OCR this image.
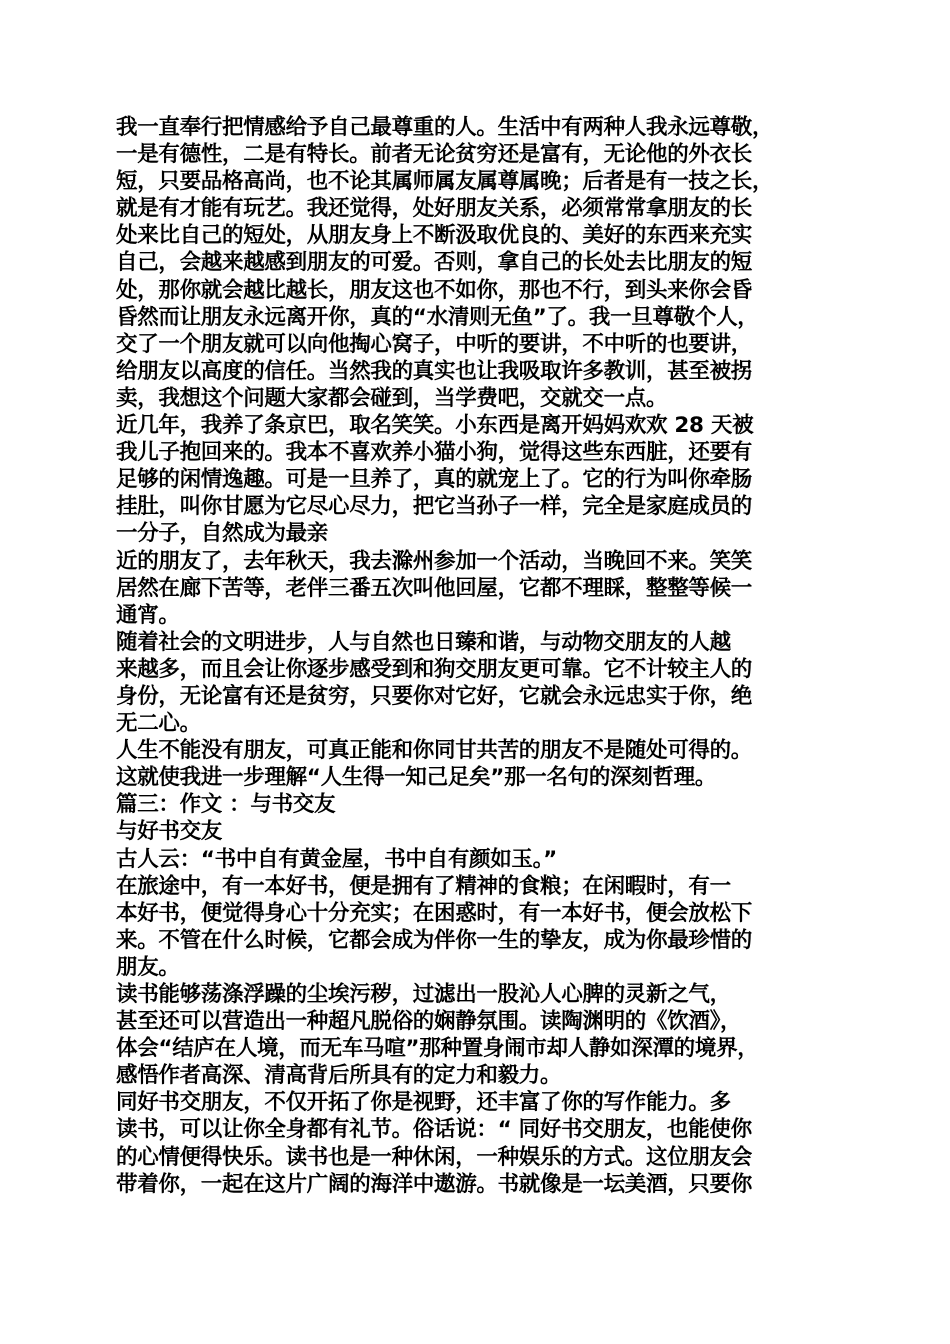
我一直奉行把情感给予自己最尊重的人。生活中有两种人我永远尊敬，
一是有德性，二是有特长。前者无论贫穷还是富有，无论他的外衣长
短，只要品格高尚，也不论其属师属友属尊属晚；后者是有一技之长，
就是有才能有玩艺。我还觉得，处好朋友关系，必须常常拿朋友的长
处来比自己的短处，从朋友身上不断汲取优良的、美好的东西来充实
自己，会越来越感到朋友的可爱。否则，拿自己的长处去比朋友的短
处，那你就会越比越长，朋友这也不如你，那也不行，到头来你会昏
昏然而让朋友永远离开你，真的“水清则无鱼”了。我一旦尊敬个人，
交了一个朋友就可以向他掏心窝子，中听的要讲，不中听的也要讲，
给朋友以高度的信任。当然我的真实也让我吸取许多教训，甚至被拐
卖，我想这个问题大家都会碰到，当学费吧，交就交一点。
近几年，我养了条京巴，取名笑笑。小东西是离开妈妈欢欢 28 天被
我儿子抱回来的。我本不喜欢养小猫小狗，觉得这些东西脏，还要有
足够的闲情逸趣。可是一旦养了，真的就宠上了。它的行为叫你牵肠
挂肚，叫你甘愿为它尽心尽力，把它当孙子一样，完全是家庭成员的
一分子，自然成为最亲
近的朋友了，去年秋天，我去滁州参加一个活动，当晚回不来。笑笑
居然在廊下苦等，老伴三番五次叫他回屋，它都不理睬，整整等候一
通宵。
随着社会的文明进步，人与自然也日臻和谐，与动物交朋友的人越
来越多，而且会让你逐步感受到和狗交朋友更可靠。它不计较主人的
身份，无论富有还是贫穷，只要你对它好，它就会永远忠实于你，绝
无二心。
人生不能没有朋友，可真正能和你同甘共苦的朋友不是随处可得的。
这就使我进一步理解“人生得一知己足矣”那一名句的深刻哲理。
篇三：作文 ：与书交友
与好书交友
古人云：“书中自有黄金屋，书中自有颜如玉。”
在旅途中，有一本好书，便是拥有了精神的食粮；在闲暇时，有一
本好书，便觉得身心十分充实；在困惑时，有一本好书，便会放松下
来。不管在什么时候，它都会成为伴你一生的挚友，成为你最珍惜的
朋友。
读书能够荡涤浮躁的尘埃污秽，过滤出一股沁人心脾的灵新之气，
甚至还可以营造出一种超凡脱俗的娴静氛围。读陶渊明的《饮酒》，
体会“结庐在人境，而无车马喧”那种置身闹市却人静如深潭的境界，
感悟作者高深、清高背后所具有的定力和毅力。
同好书交朋友，不仅开拓了你是视野，还丰富了你的写作能力。多
读书，可以让你全身都有礼节。俗话说：“ 同好书交朋友，也能使你
的心情便得快乐。读书也是一种休闲，一种娱乐的方式。这位朋友会
带着你，一起在这片广阔的海洋中遨游。书就像是一坛美酒，只要你
